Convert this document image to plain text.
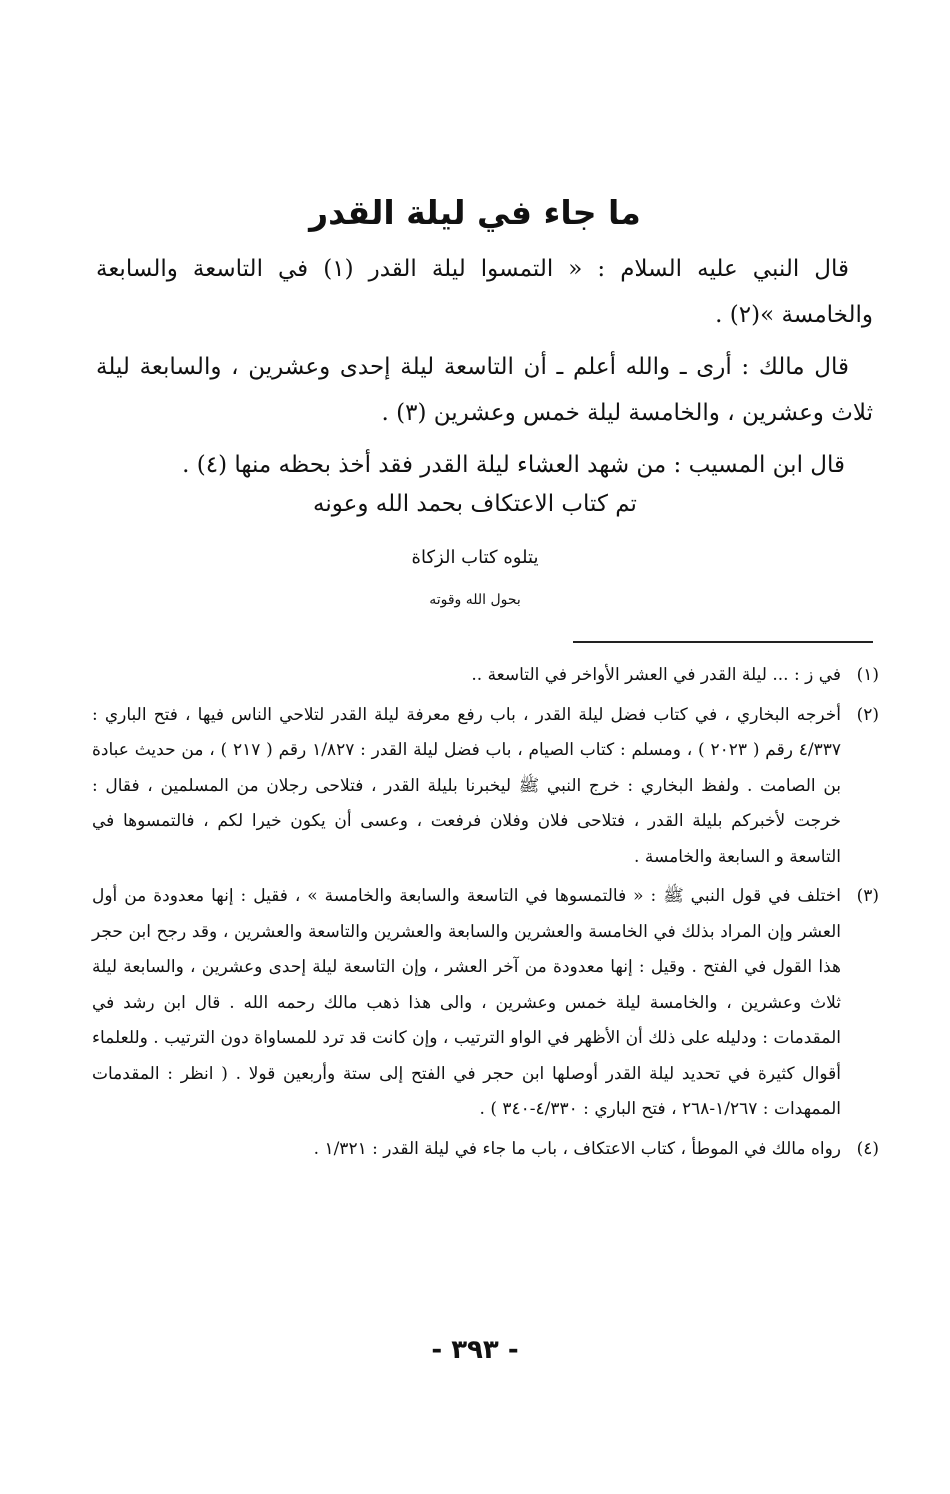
ما جاء في ليلة القدر

قال النبي عليه السلام : « التمسوا ليلة القدر (١) في التاسعة والسابعة والخامسة »(٢) .

قال مالك : أرى ـ والله أعلم ـ أن التاسعة ليلة إحدى وعشرين ، والسابعة ليلة ثلاث وعشرين ، والخامسة ليلة خمس وعشرين (٣) .

قال ابن المسيب : من شهد العشاء ليلة القدر فقد أخذ بحظه منها (٤) .

تم كتاب الاعتكاف بحمد الله وعونه

يتلوه كتاب الزكاة

بحول الله وقوته

(١)
في ز : ... ليلة القدر في العشر الأواخر في التاسعة ..
(٢)
أخرجه البخاري ، في كتاب فضل ليلة القدر ، باب رفع معرفة ليلة القدر لتلاحي الناس فيها ، فتح الباري : ٤/٣٣٧ رقم ( ٢٠٢٣ ) ، ومسلم : كتاب الصيام ، باب فضل ليلة القدر : ١/٨٢٧ رقم ( ٢١٧ ) ، من حديث عبادة بن الصامت . ولفظ البخاري : خرج النبي ﷺ ليخبرنا بليلة القدر ، فتلاحى رجلان من المسلمين ، فقال : خرجت لأخبركم بليلة القدر ، فتلاحى فلان وفلان فرفعت ، وعسى أن يكون خيرا لكم ، فالتمسوها في التاسعة و السابعة والخامسة .
(٣)
اختلف في قول النبي ﷺ : « فالتمسوها في التاسعة والسابعة والخامسة » ، فقيل : إنها معدودة من أول العشر وإن المراد بذلك في الخامسة والعشرين والسابعة والعشرين والتاسعة والعشرين ، وقد رجح ابن حجر هذا القول في الفتح . وقيل : إنها معدودة من آخر العشر ، وإن التاسعة ليلة إحدى وعشرين ، والسابعة ليلة ثلاث وعشرين ، والخامسة ليلة خمس وعشرين ، والى هذا ذهب مالك رحمه الله . قال ابن رشد في المقدمات : ودليله على ذلك أن الأظهر في الواو الترتيب ، وإن كانت قد ترد للمساواة دون الترتيب . وللعلماء أقوال كثيرة في تحديد ليلة القدر أوصلها ابن حجر في الفتح إلى ستة وأربعين قولا . ( انظر : المقدمات الممهدات : ١/٢٦٧-٢٦٨ ، فتح الباري : ٤/٣٣٠-٣٤٠ ) .
(٤)
رواه مالك في الموطأ ، كتاب الاعتكاف ، باب ما جاء في ليلة القدر : ١/٣٢١ .
- ٣٩٣ -
